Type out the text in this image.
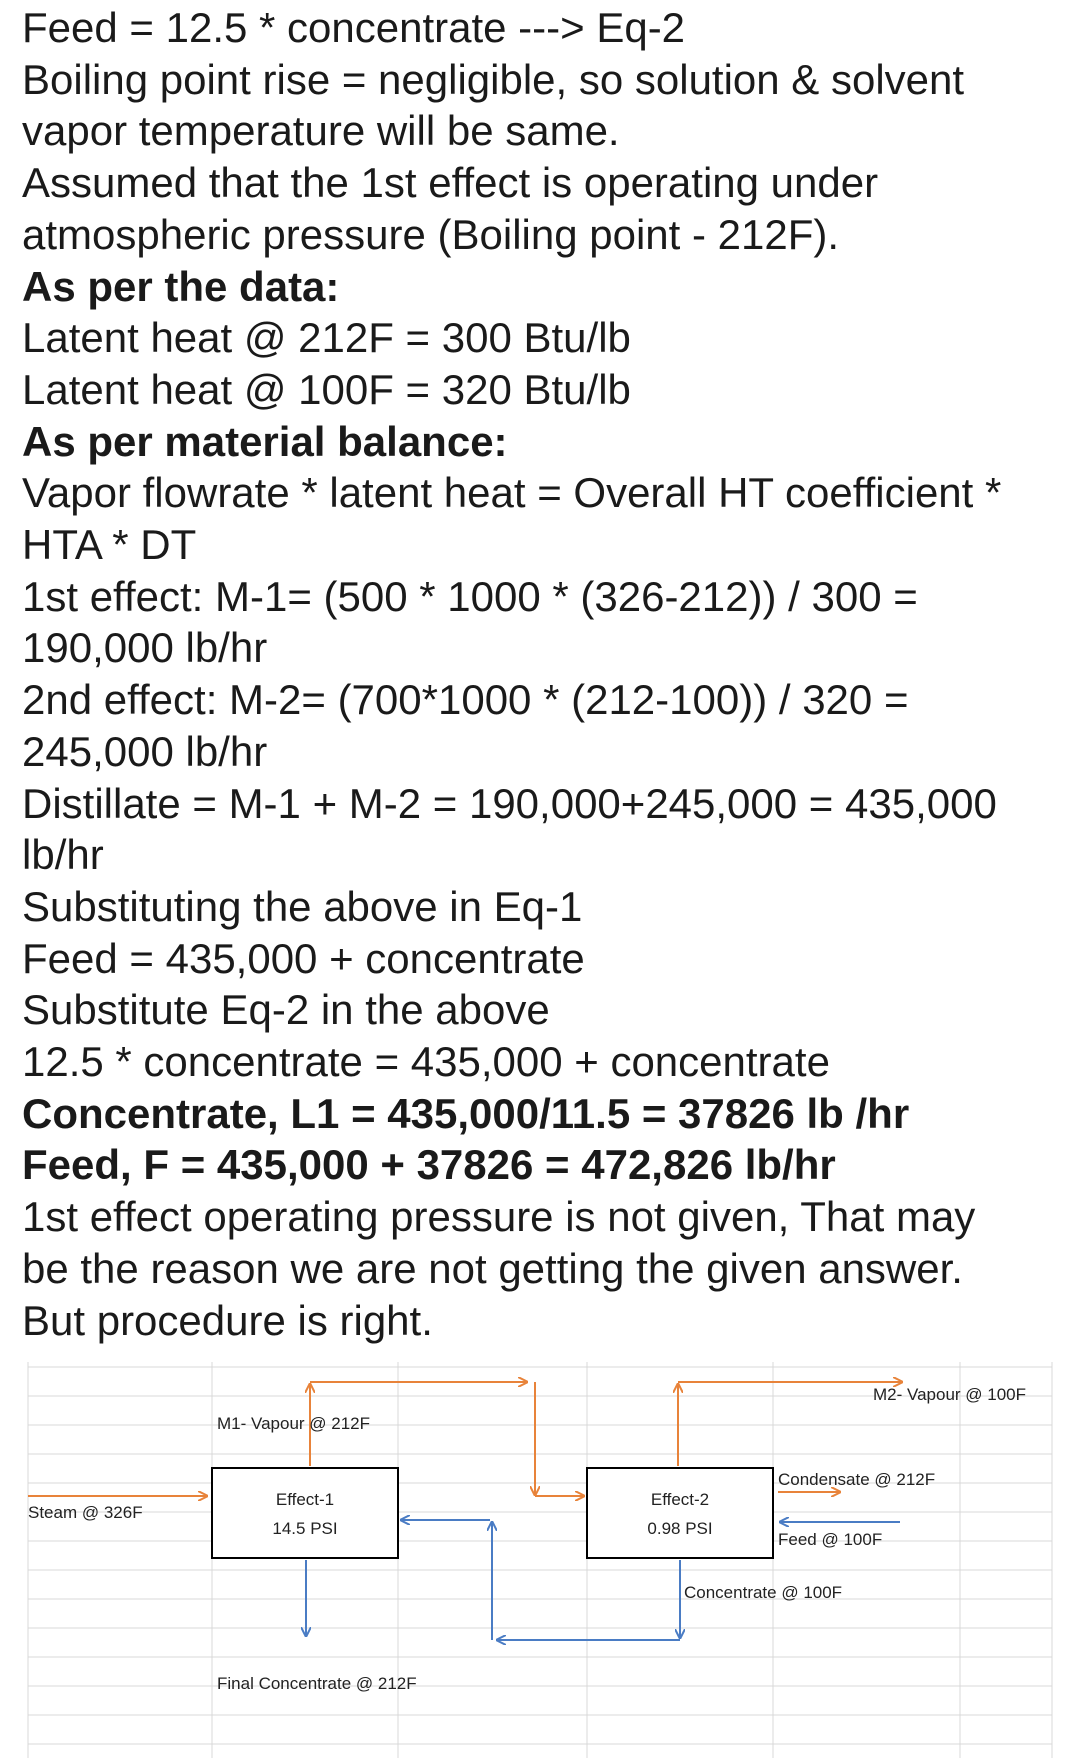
Feed = 12.5 * concentrate ---> Eq-2
Boiling point rise = negligible, so solution & solvent
vapor temperature will be same.
Assumed that the 1st effect is operating under
atmospheric pressure (Boiling point - 212F).
As per the data:
Latent heat @ 212F = 300 Btu/lb
Latent heat @ 100F = 320 Btu/lb
As per material balance:
Vapor flowrate * latent heat = Overall HT coefficient *
HTA * DT
1st effect: M-1= (500 * 1000 * (326-212)) / 300 =
190,000 lb/hr
2nd effect: M-2= (700*1000 * (212-100)) / 320 =
245,000 lb/hr
Distillate = M-1 + M-2 = 190,000+245,000 = 435,000
lb/hr
Substituting the above in Eq-1
Feed = 435,000 + concentrate
Substitute Eq-2 in the above
12.5 * concentrate = 435,000 + concentrate
Concentrate, L1 = 435,000/11.5 = 37826 lb /hr
Feed, F = 435,000 + 37826 = 472,826 lb/hr
1st effect operating pressure is not given, That may
be the reason we are not getting the given answer.
But procedure is right.
Effect-1
14.5 PSI
Effect-2
0.98 PSI
M1- Vapour @ 212F
M2- Vapour @ 100F
Steam @ 326F
Condensate @ 212F
Feed @ 100F
Concentrate @ 100F
Final Concentrate @ 212F
